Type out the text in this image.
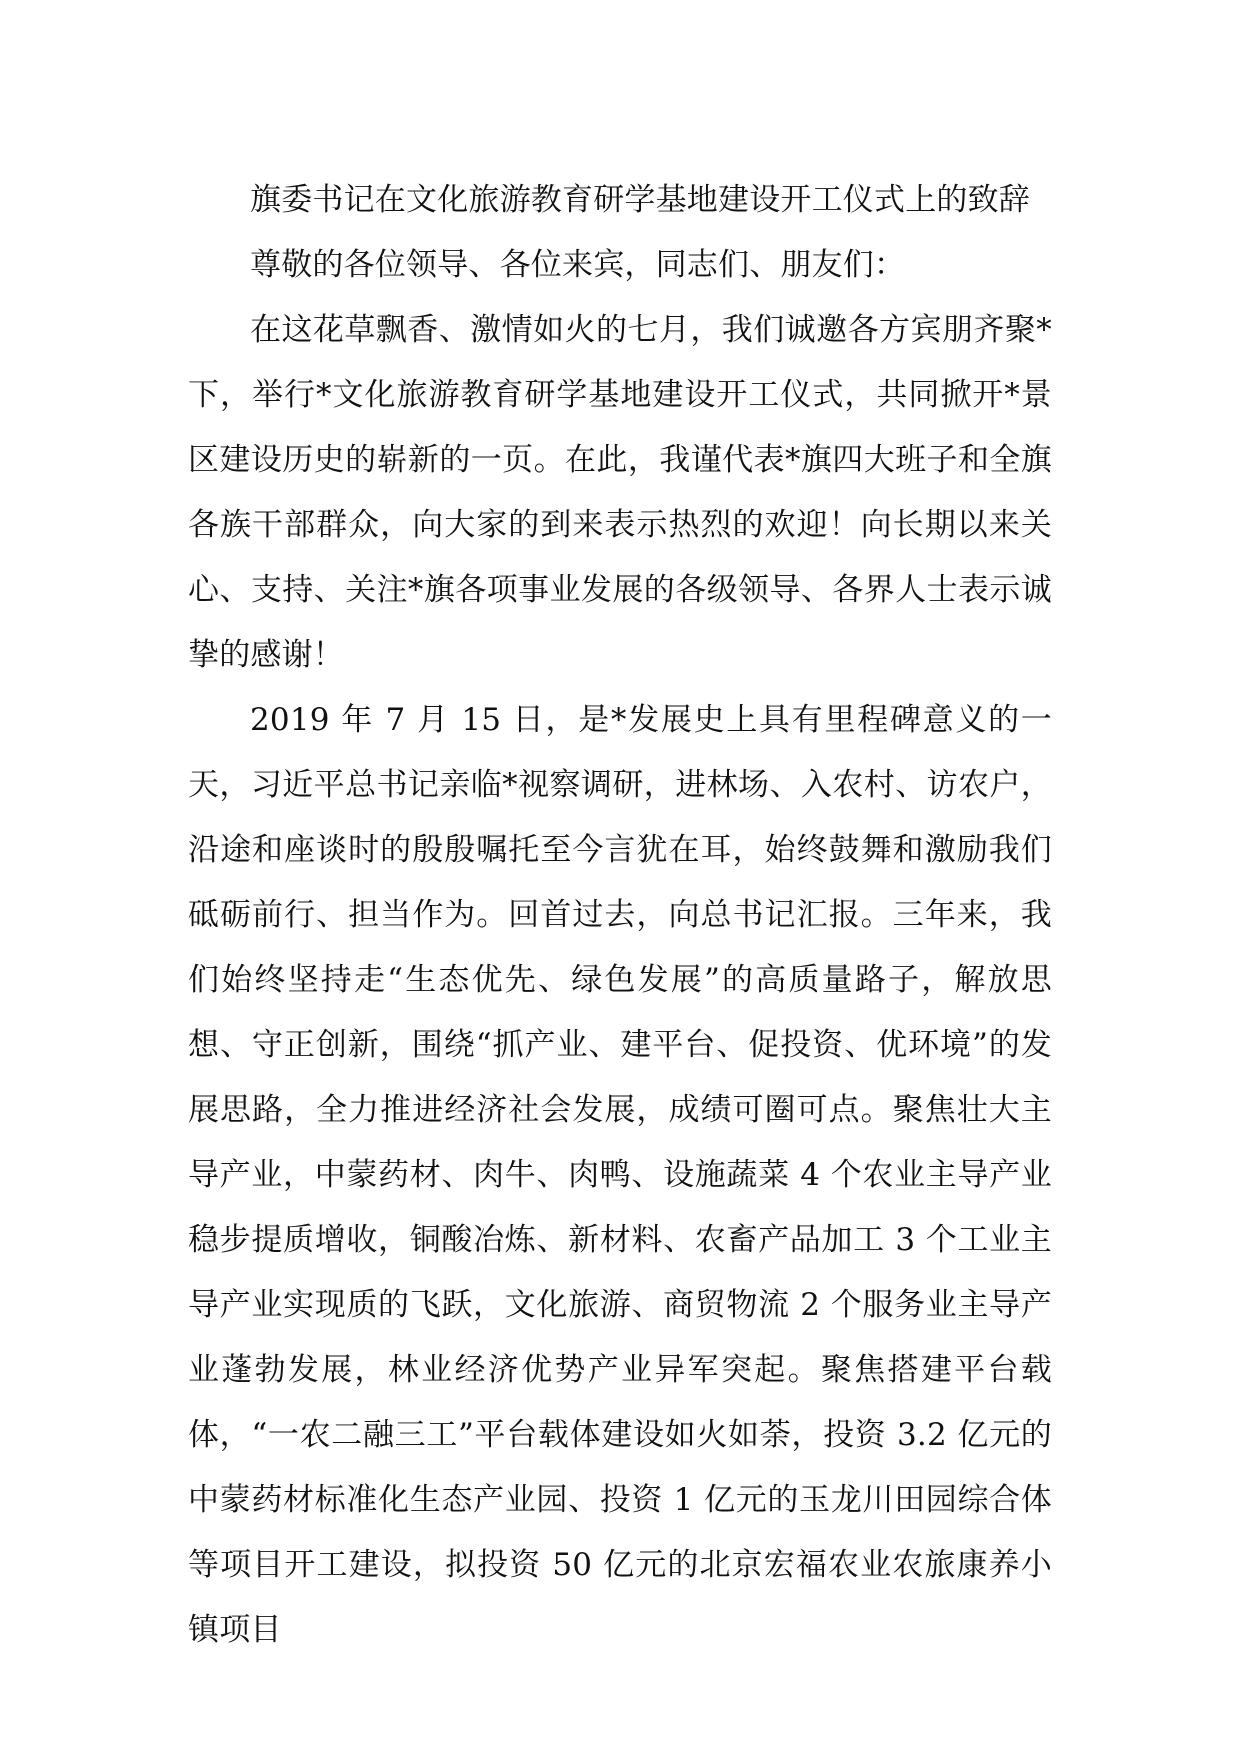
旗委书记在文化旅游教育研学基地建设开工仪式上的致辞

尊敬的各位领导、各位来宾，同志们、朋友们：

在这花草飘香、激情如火的七月，我们诚邀各方宾朋齐聚*下，举行*文化旅游教育研学基地建设开工仪式，共同掀开*景区建设历史的崭新的一页。在此，我谨代表*旗四大班子和全旗各族干部群众，向大家的到来表示热烈的欢迎！向长期以来关心、支持、关注*旗各项事业发展的各级领导、各界人士表示诚挚的感谢！

2019 年 7 月 15 日，是*发展史上具有里程碑意义的一天，习近平总书记亲临*视察调研，进林场、入农村、访农户，沿途和座谈时的殷殷嘱托至今言犹在耳，始终鼓舞和激励我们砥砺前行、担当作为。回首过去，向总书记汇报。三年来，我们始终坚持走“生态优先、绿色发展”的高质量路子，解放思想、守正创新，围绕“抓产业、建平台、促投资、优环境”的发展思路，全力推进经济社会发展，成绩可圈可点。聚焦壮大主导产业，中蒙药材、肉牛、肉鸭、设施蔬菜 4 个农业主导产业稳步提质增收，铜酸冶炼、新材料、农畜产品加工 3 个工业主导产业实现质的飞跃，文化旅游、商贸物流 2 个服务业主导产业蓬勃发展，林业经济优势产业异军突起。聚焦搭建平台载体，“一农二融三工”平台载体建设如火如荼，投资 3.2 亿元的中蒙药材标准化生态产业园、投资 1 亿元的玉龙川田园综合体等项目开工建设，拟投资 50 亿元的北京宏福农业农旅康养小镇项目
